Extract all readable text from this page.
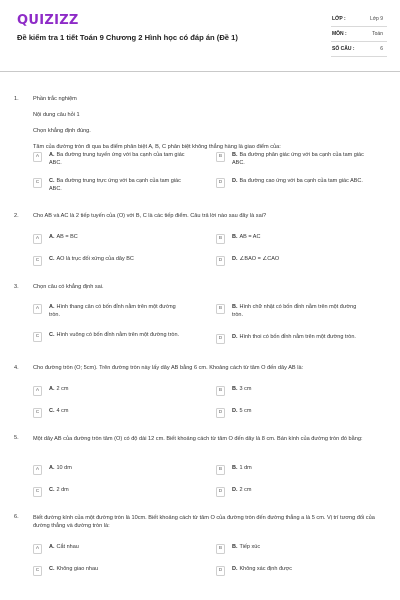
QUIZIZZ
Đề kiểm tra 1 tiết Toán 9 Chương 2 Hình học có đáp án (Đề 1)
LỚP :	Lớp 9
MÔN :	Toán
SỐ CÂU :	6
1.	Phần trắc nghiệm
Nội dung câu hỏi 1
Chọn khẳng định đúng.
Tâm của đường tròn đi qua ba điểm phân biệt A, B, C phân biệt không thẳng hàng là giao điểm của:
A	A. Ba đường trung tuyến ứng với ba cạnh của tam giác ABC.
B	B. Ba đường phân giác ứng với ba cạnh của tam giác ABC.
C	C. Ba đường trung trực ứng với ba cạnh của tam giác ABC.
D	D. Ba đường cao ứng với ba cạnh của tam giác ABC.
2.	Cho AB và AC là 2 tiếp tuyến của (O) với B, C là các tiếp điểm. Câu trả lời nào sau đây là sai?
A	A. AB = BC	B	B. AB = AC
C	C. AO là trục đối xứng của dây BC	D	D. ∠BAO = ∠CAO
3.	Chọn câu có khẳng định sai.
A	A. Hình thang cân có bốn đỉnh nằm trên một đường tròn.
B	B. Hình chữ nhật có bốn đỉnh nằm trên một đường tròn.
C	C. Hình vuông có bốn đỉnh nằm trên một đường tròn.
D	D. Hình thoi có bốn đỉnh nằm trên một đường tròn.
4.	Cho đường tròn (O; 5cm). Trên đường tròn này lấy dây AB bằng 6 cm. Khoảng cách từ tâm O đến dây AB là:
A	A. 2 cm	B	B. 3 cm
C	C. 4 cm	D	D. 5 cm
5.	Một dây AB của đường tròn tâm (O) có độ dài 12 cm. Biết khoảng cách từ tâm O đến dây là 8 cm. Bán kính của đường tròn đó bằng:
A	A. 10 dm	B	B. 1 dm
C	C. 2 dm	D	D. 2 cm
6.	Biết đường kính của một đường tròn là 10cm. Biết khoảng cách từ tâm O của đường tròn đến đường thẳng a là 5 cm. Vị trí tương đối của đường thẳng và đường tròn là:
A	A. Cắt nhau	B	B. Tiếp xúc
C	C. Không giao nhau	D	D. Không xác định được
